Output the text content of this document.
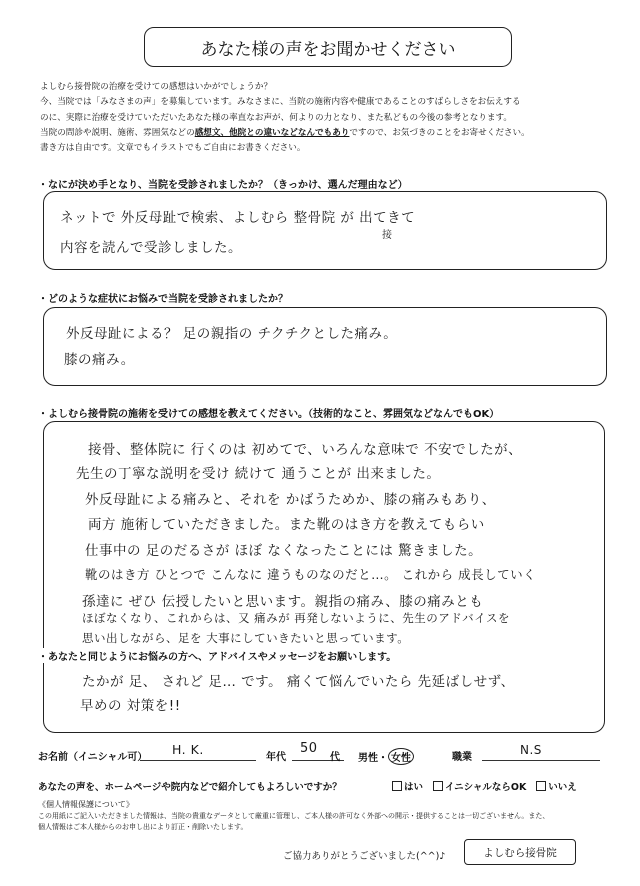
あなた様の声をお聞かせください
よしむら接骨院の治療を受けての感想はいかがでしょうか？
今、当院では「みなさまの声」を募集しています。みなさまに、当院の施術内容や健康であることのすばらしさをお伝えする
のに、実際に治療を受けていただいたあなた様の率直なお声が、何よりの力となり、また私どもの今後の参考となります。
当院の問診や説明、施術、雰囲気などの感想文、他院との違いなどなんでもありですので、お気づきのことをお寄せください。
書き方は自由です。文章でもイラストでもご自由にお書きください。
・なにが決め手となり、当院を受診されましたか？（きっかけ、選んだ理由など）
ネットで 外反母趾で検索、よしむら 整骨院 が 出てきて
接
内容を読んで受診しました。
・どのような症状にお悩みで当院を受診されましたか？
外反母趾による？ 足の親指の チクチクとした痛み。
膝の痛み。
・よしむら接骨院の施術を受けての感想を教えてください。（技術的なこと、雰囲気などなんでもOK）
接骨、整体院に 行くのは 初めてで、いろんな意味で 不安でしたが、
先生の丁寧な説明を受け 続けて 通うことが 出来ました。
外反母趾による痛みと、それを かばうためか、膝の痛みもあり、
両方 施術していただきました。また靴のはき方を教えてもらい
仕事中の 足のだるさが ほぼ なくなったことには 驚きました。
靴のはき方 ひとつで こんなに 違うものなのだと…。 これから 成長していく
孫達に ぜひ 伝授したいと思います。親指の痛み、膝の痛みとも
ほぼなくなり、これからは、又 痛みが 再発しないように、先生のアドバイスを
思い出しながら、足を 大事にしていきたいと思っています。
・あなたと同じようにお悩みの方へ、アドバイスやメッセージをお願いします。
たかが 足、 されど 足… です。 痛くて悩んでいたら 先延ばしせず、
早めの 対策を!!
お名前（イニシャル可）
H. K.
年代
50
代 男性・ 女性	職業
N.S
あなたの声を、ホームページや院内などで紹介してもよろしいですか？	はい イニシャルならOK いいえ
《個人情報保護について》
この用紙にご記入いただきました情報は、当院の貴重なデータとして厳重に管理し、ご本人様の許可なく外部への開示・提供することは一切ございません。また、
個人情報はご本人様からのお申し出により訂正・削除いたします。
ご協力ありがとうございました(^^)♪	よしむら接骨院
